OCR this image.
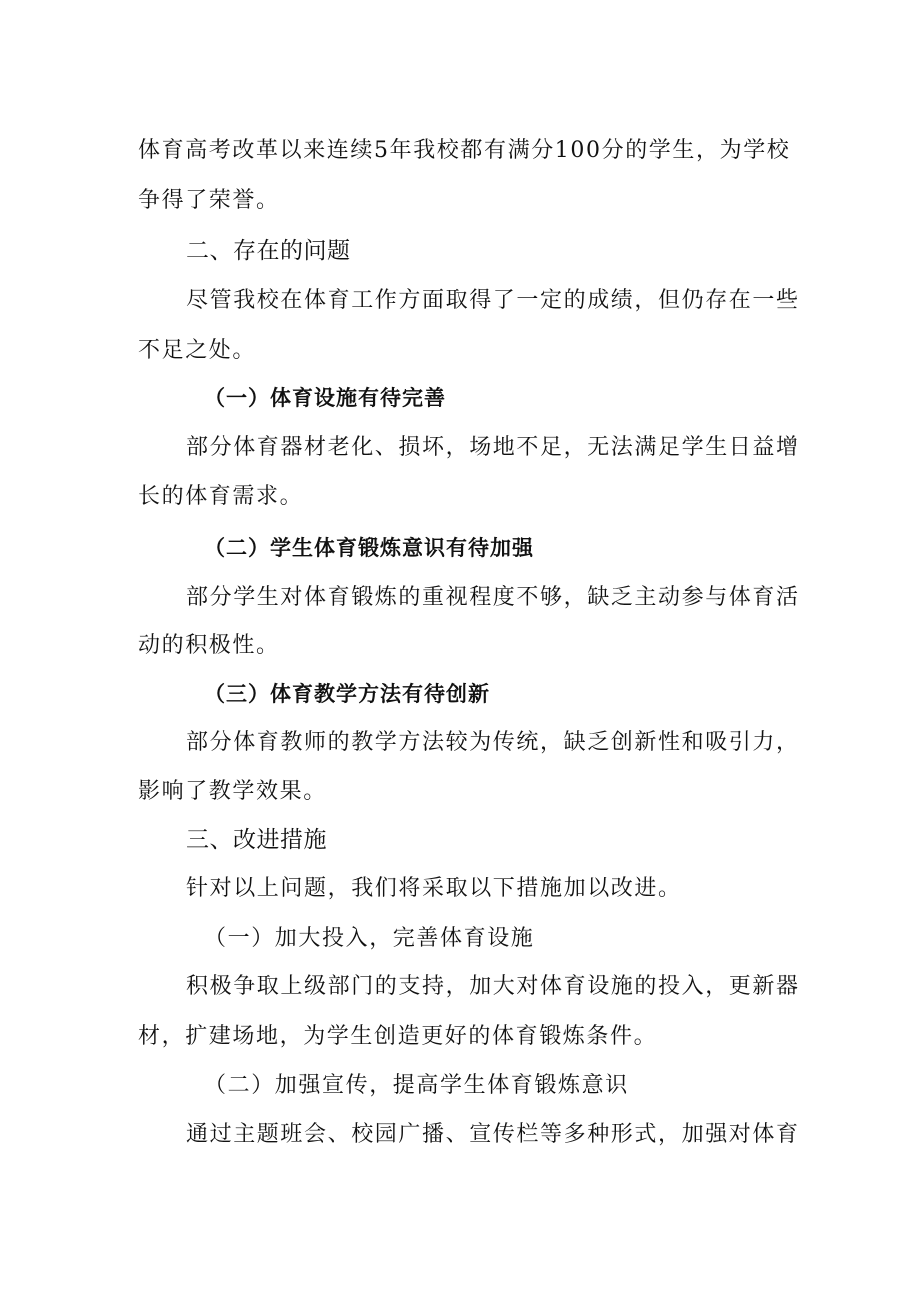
体育高考改革以来连续5年我校都有满分100分的学生，为学校
争得了荣誉。
二、存在的问题
尽管我校在体育工作方面取得了一定的成绩，但仍存在一些
不足之处。
（一）体育设施有待完善
部分体育器材老化、损坏，场地不足，无法满足学生日益增
长的体育需求。
（二）学生体育锻炼意识有待加强
部分学生对体育锻炼的重视程度不够，缺乏主动参与体育活
动的积极性。
（三）体育教学方法有待创新
部分体育教师的教学方法较为传统，缺乏创新性和吸引力，
影响了教学效果。
三、改进措施
针对以上问题，我们将采取以下措施加以改进。
（一）加大投入，完善体育设施
积极争取上级部门的支持，加大对体育设施的投入，更新器
材，扩建场地，为学生创造更好的体育锻炼条件。
（二）加强宣传，提高学生体育锻炼意识
通过主题班会、校园广播、宣传栏等多种形式，加强对体育
